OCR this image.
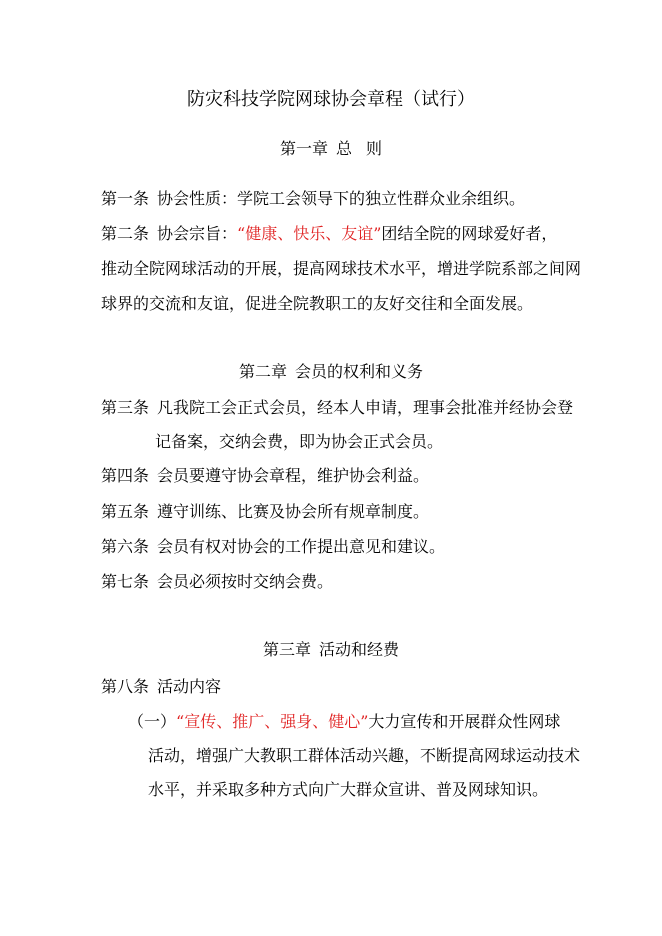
防灾科技学院网球协会章程（试行）
第一章 总 则
第一条 协会性质：学院工会领导下的独立性群众业余组织。
第二条 协会宗旨：“健康、快乐、友谊”团结全院的网球爱好者，
推动全院网球活动的开展，提高网球技术水平，增进学院系部之间网
球界的交流和友谊，促进全院教职工的友好交往和全面发展。
第二章 会员的权利和义务
第三条 凡我院工会正式会员，经本人申请，理事会批准并经协会登
记备案，交纳会费，即为协会正式会员。
第四条 会员要遵守协会章程，维护协会利益。
第五条 遵守训练、比赛及协会所有规章制度。
第六条 会员有权对协会的工作提出意见和建议。
第七条 会员必须按时交纳会费。
第三章 活动和经费
第八条 活动内容
（一）“宣传、推广、强身、健心”大力宣传和开展群众性网球
活动，增强广大教职工群体活动兴趣，不断提高网球运动技术
水平，并采取多种方式向广大群众宣讲、普及网球知识。
